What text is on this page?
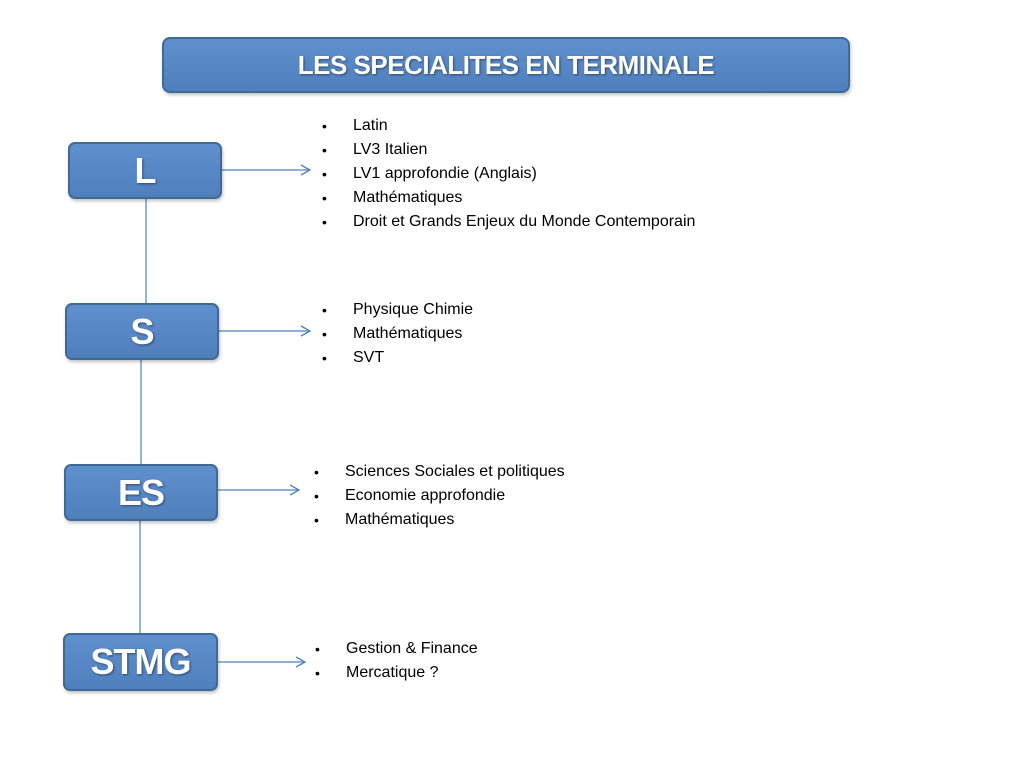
LES SPECIALITES EN TERMINALE
L
•	Latin
•	LV3 Italien
•	LV1 approfondie (Anglais)
•	Mathématiques
•	Droit et Grands Enjeux du Monde Contemporain
S
•	Physique Chimie
•	Mathématiques
•	SVT
ES	•	Sciences Sociales et politiques
•	Economie approfondie
•	Mathématiques
STMG	•	Gestion & Finance
•	Mercatique ?
